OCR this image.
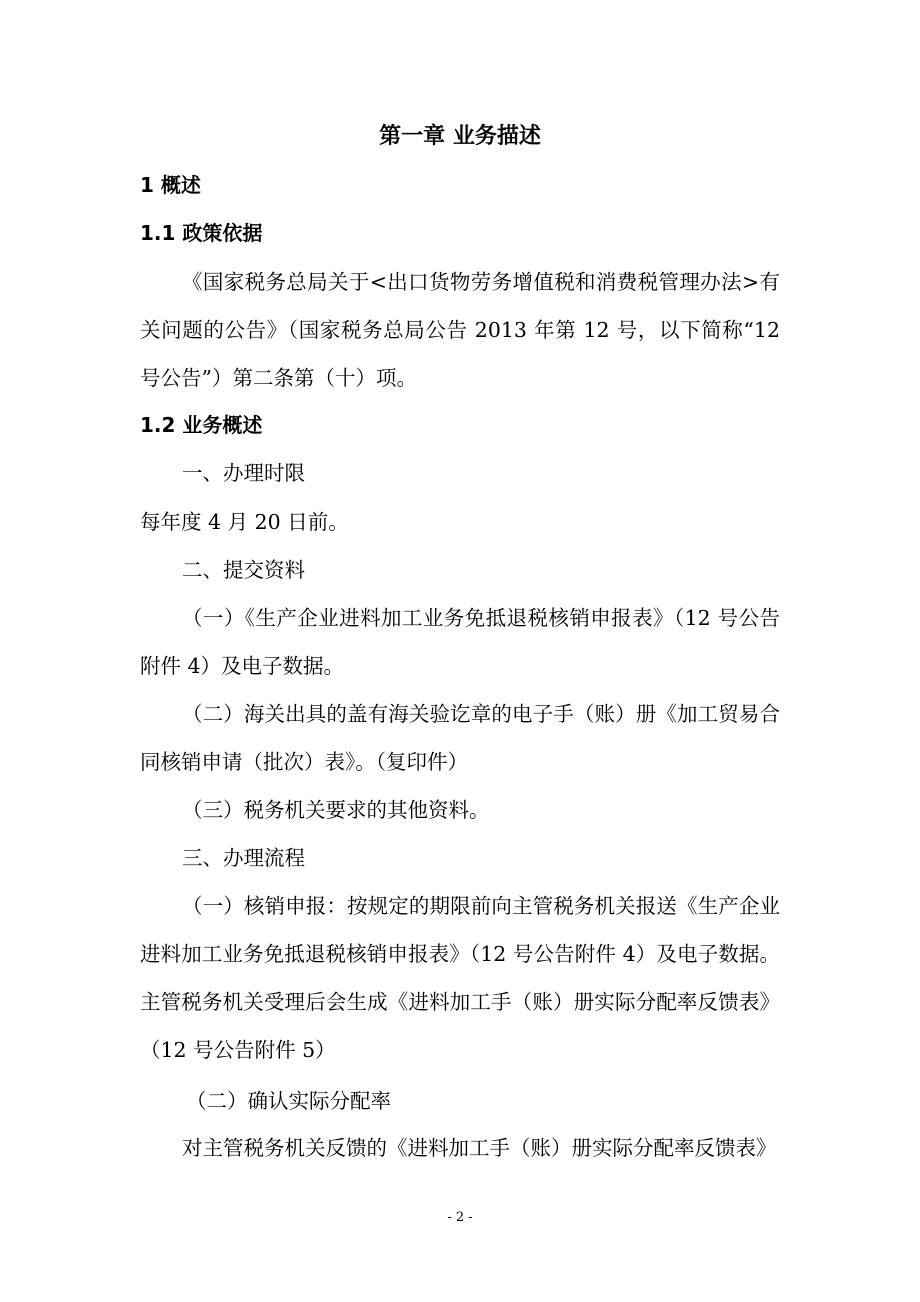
第一章 业务描述
1 概述
1.1 政策依据

《国家税务总局关于<出口货物劳务增值税和消费税管理办法>有关问题的公告》（国家税务总局公告 2013 年第 12 号，以下简称“12 号公告”）第二条第（十）项。

1.2 业务概述

一、办理时限

每年度 4 月 20 日前。

二、提交资料

（一）《生产企业进料加工业务免抵退税核销申报表》（12 号公告附件 4）及电子数据。

（二）海关出具的盖有海关验讫章的电子手（账）册《加工贸易合同核销申请（批次）表》。（复印件）

（三）税务机关要求的其他资料。

三、办理流程

（一）核销申报：按规定的期限前向主管税务机关报送《生产企业进料加工业务免抵退税核销申报表》（12 号公告附件 4）及电子数据。主管税务机关受理后会生成《进料加工手（账）册实际分配率反馈表》（12 号公告附件 5）

（二）确认实际分配率

对主管税务机关反馈的《进料加工手（账）册实际分配率反馈表》

- 2 -
